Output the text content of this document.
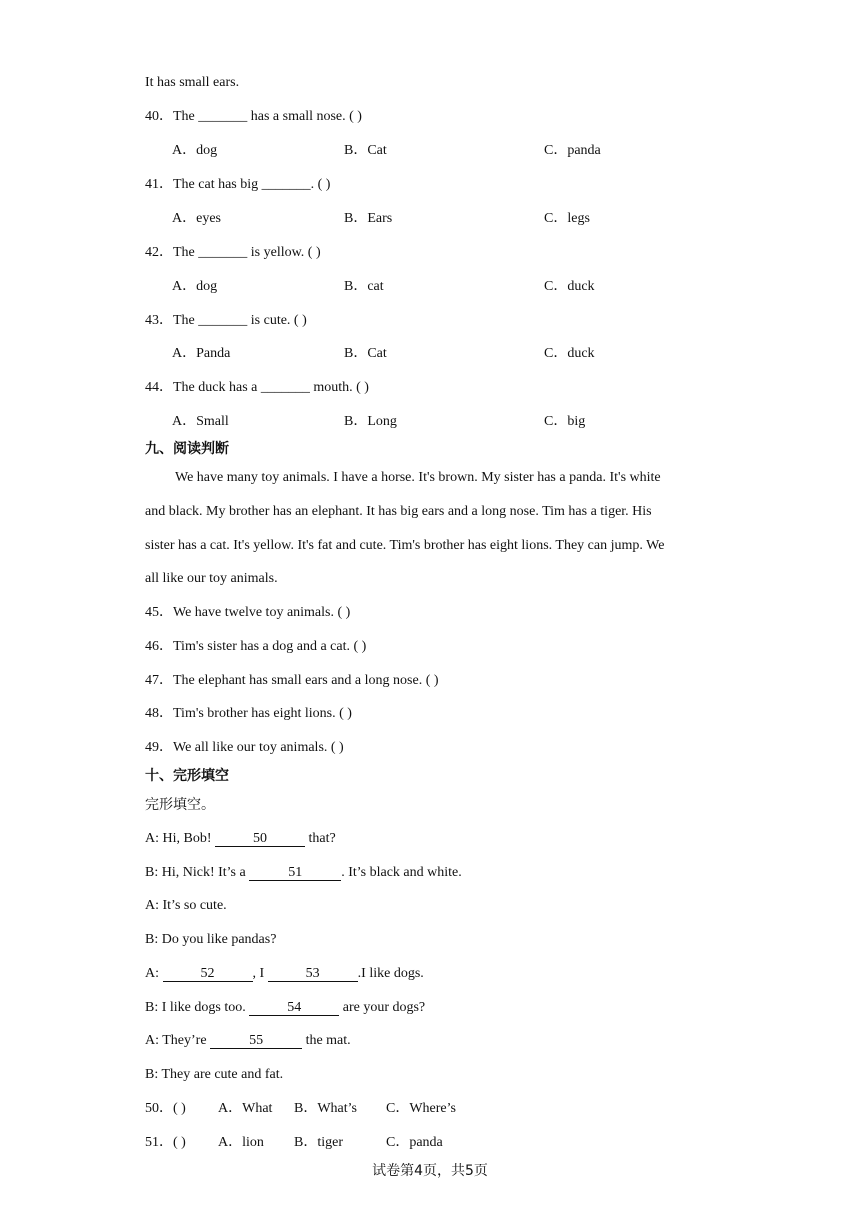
It has small ears.
40．The _______ has a small nose. ( )
A．dog	B．Cat	C．panda
41．The cat has big _______. ( )
A．eyes	B．Ears	C．legs
42．The _______ is yellow. ( )
A．dog	B．cat	C．duck
43．The _______ is cute. ( )
A．Panda	B．Cat	C．duck
44．The duck has a _______ mouth. ( )
A．Small	B．Long	C．big
九、阅读判断
We have many toy animals. I have a horse. It's brown. My sister has a panda. It's white
and black. My brother has an elephant. It has big ears and a long nose. Tim has a tiger. His
sister has a cat. It's yellow. It's fat and cute. Tim's brother has eight lions. They can jump. We
all like our toy animals.
45．We have twelve toy animals. ( )
46．Tim's sister has a dog and a cat. ( )
47．The elephant has small ears and a long nose. ( )
48．Tim's brother has eight lions. ( )
49．We all like our toy animals. ( )
十、完形填空
完形填空。
A: Hi, Bob!	50	that?
B: Hi, Nick! It’s a	51	. It’s black and white.
A: It’s so cute.
B: Do you like pandas?
A:	52	, I	53	.I like dogs.
B: I like dogs too.	54	are your dogs?
A: They’re	55	the mat.
B: They are cute and fat.
50．( ) A．What B．What’s C．Where’s
51．( ) A．lion B．tiger	C．panda
试卷第4页，共5页
